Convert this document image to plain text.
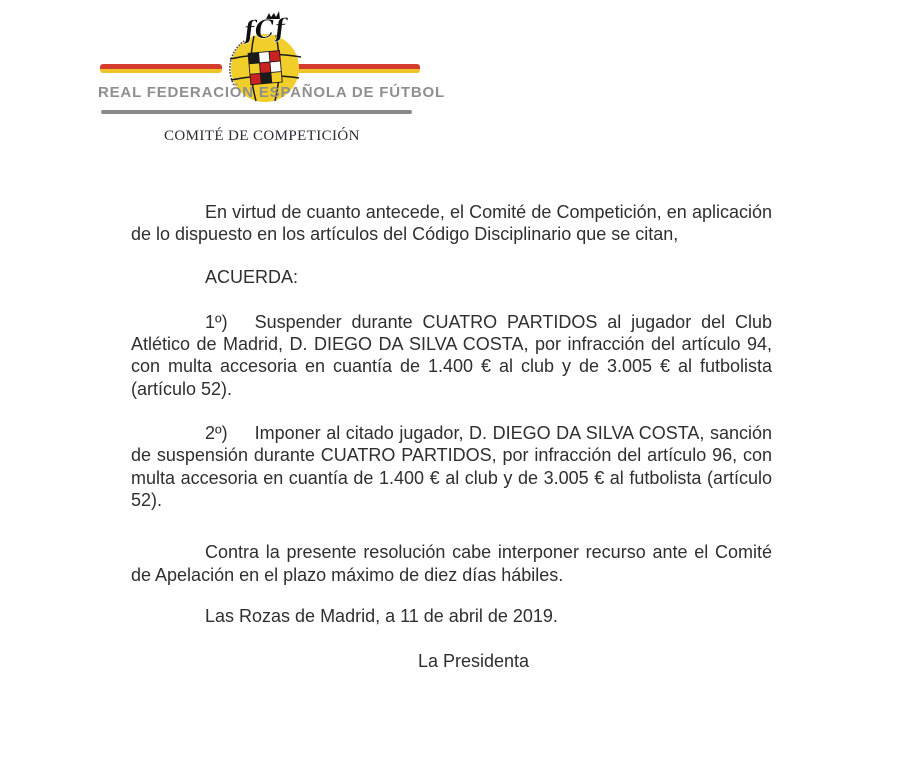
fCf
REAL FEDERACIÓN ESPAÑOLA DE FÚTBOL
COMITÉ DE COMPETICIÓN

En virtud de cuanto antecede, el Comité de Competición, en aplicación de lo dispuesto en los artículos del Código Disciplinario que se citan,

ACUERDA:

1º) Suspender durante CUATRO PARTIDOS al jugador del Club Atlético de Madrid, D. DIEGO DA SILVA COSTA, por infracción del artículo 94, con multa accesoria en cuantía de 1.400 € al club y de 3.005 € al futbolista (artículo 52).

2º) Imponer al citado jugador, D. DIEGO DA SILVA COSTA, sanción de suspensión durante CUATRO PARTIDOS, por infracción del artículo 96, con multa accesoria en cuantía de 1.400 € al club y de 3.005 € al futbolista (artículo 52).

Contra la presente resolución cabe interponer recurso ante el Comité de Apelación en el plazo máximo de diez días hábiles.

Las Rozas de Madrid, a 11 de abril de 2019.

La Presidenta
